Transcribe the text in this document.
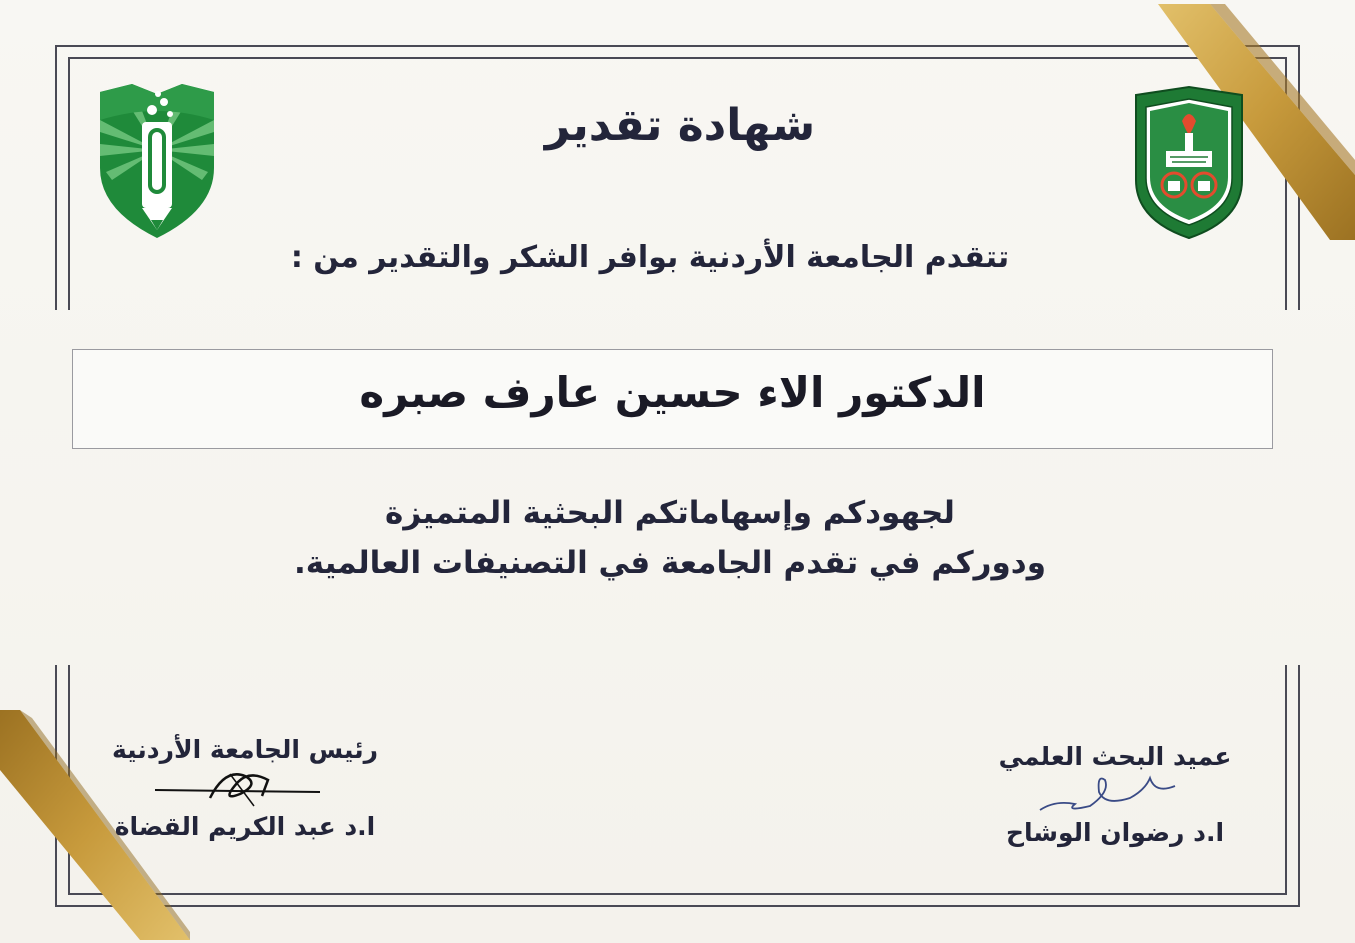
شهادة تقدير
تتقدم الجامعة الأردنية بوافر الشكر والتقدير من :
الدكتور الاء حسين عارف صبره
لجهودكم وإسهاماتكم البحثية المتميزة
ودوركم في تقدم الجامعة في التصنيفات العالمية.
رئيس الجامعة الأردنية
ا.د عبد الكريم القضاة
عميد البحث العلمي
ا.د رضوان الوشاح
